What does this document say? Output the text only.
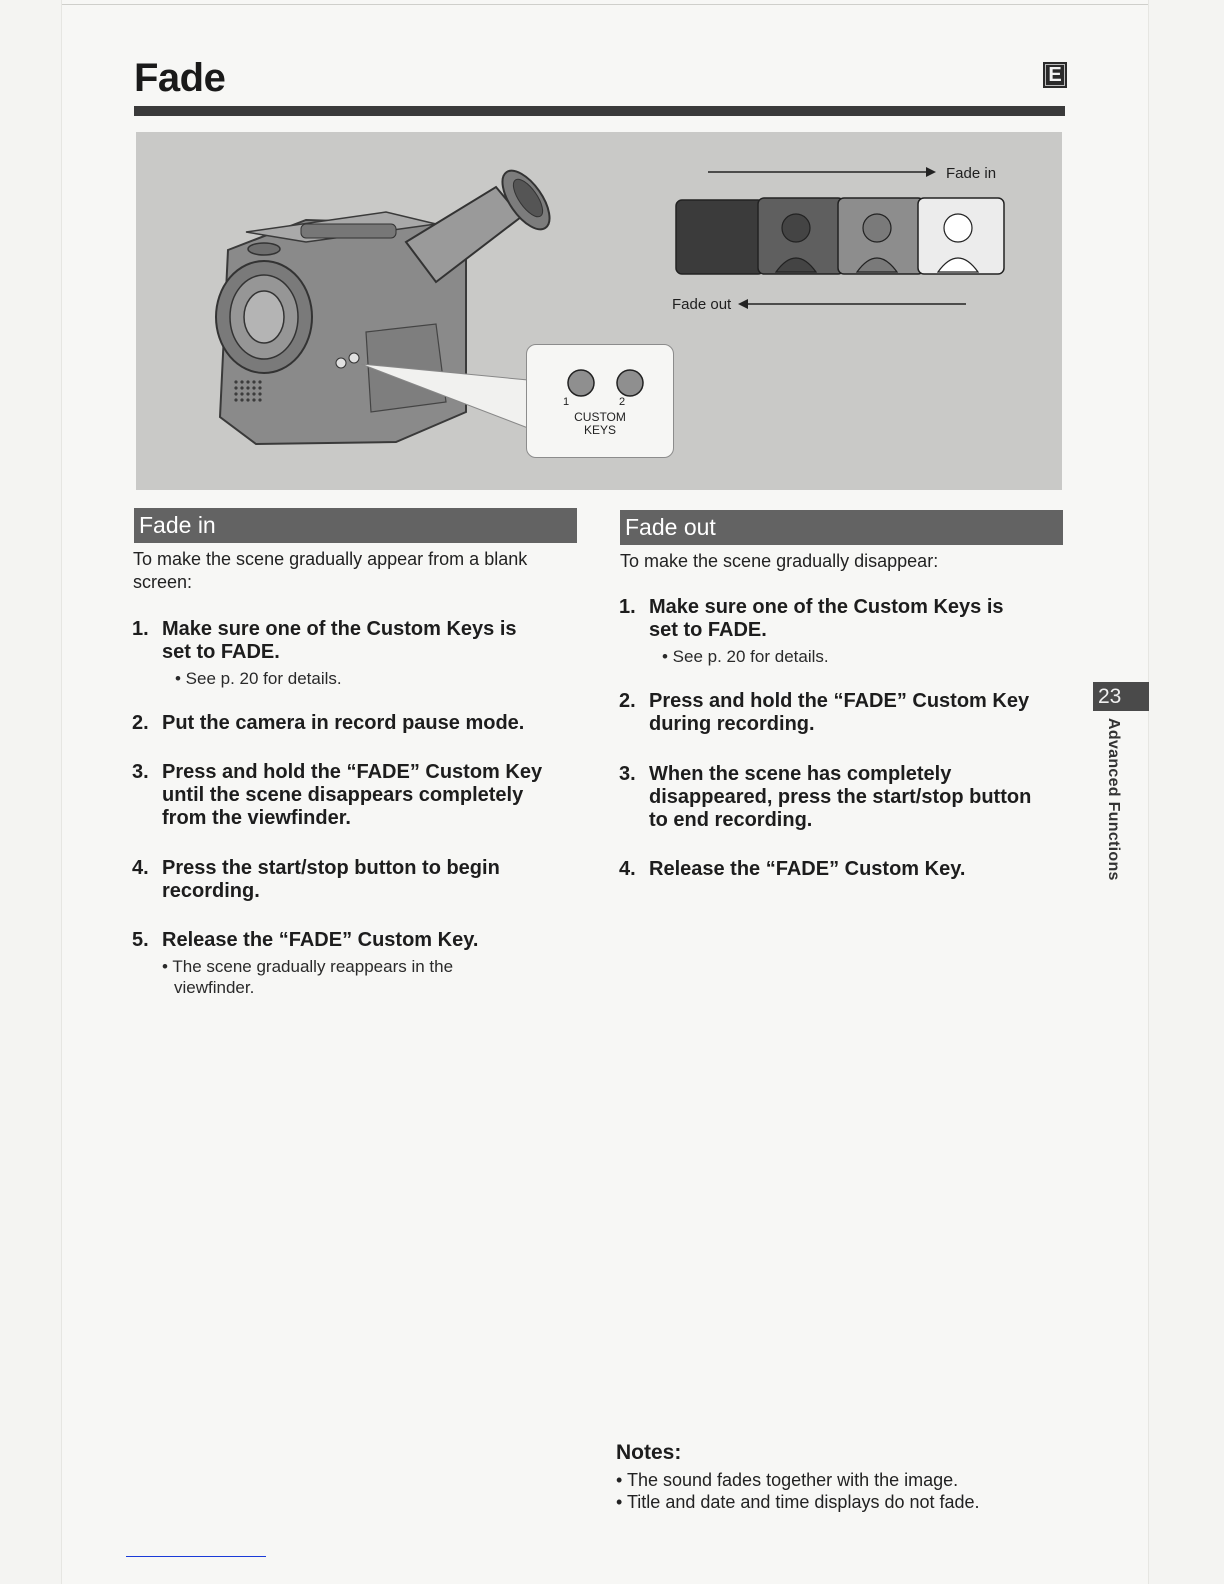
Fade	E
Fade in
Fade out
1	2
CUSTOM
KEYS
Fade in
To make the scene gradually appear from a blank
screen:
1. Make sure one of the Custom Keys is
set to FADE.
• See p. 20 for details.
2. Put the camera in record pause mode.
3. Press and hold the “FADE” Custom Key
until the scene disappears completely
from the viewfinder.
4. Press the start/stop button to begin
recording.
5. Release the “FADE” Custom Key.
• The scene gradually reappears in the
viewfinder.
Fade out
To make the scene gradually disappear:
1. Make sure one of the Custom Keys is
set to FADE.
• See p. 20 for details.
2. Press and hold the “FADE” Custom Key
during recording.
3. When the scene has completely
disappeared, press the start/stop button
to end recording.
4. Release the “FADE” Custom Key.
23
Advanced Functions
Notes:
• The sound fades together with the image.
• Title and date and time displays do not fade.
